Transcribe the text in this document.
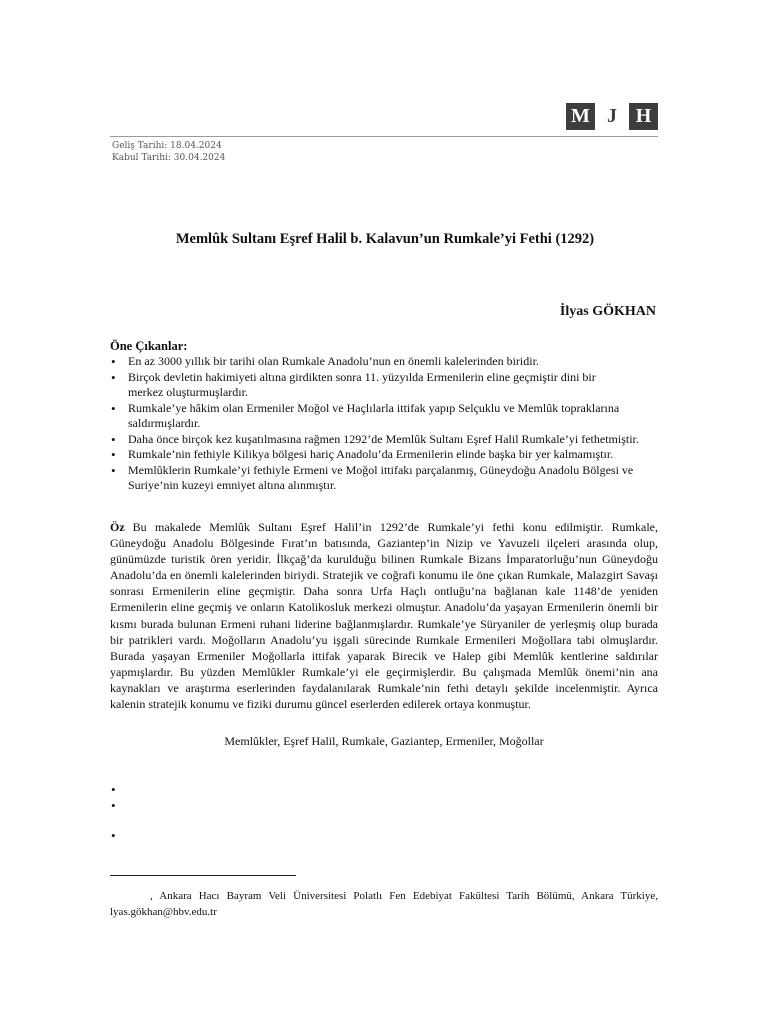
M J H
Geliş Tarihi: 18.04.2024
Kabul Tarihi: 30.04.2024
Memlûk Sultanı Eşref Halil b. Kalavun’un Rumkale’yi Fethi (1292)
İlyas GÖKHAN
Öne Çıkanlar:
• En az 3000 yıllık bir tarihi olan Rumkale Anadolu’nun en önemli kalelerinden biridir.
• Birçok devletin hakimiyeti altına girdikten sonra 11. yüzyılda Ermenilerin eline geçmiştir dini bir merkez oluşturmuşlardır.
• Rumkale’ye hâkim olan Ermeniler Moğol ve Haçlılarla ittifak yapıp Selçuklu ve Memlûk topraklarına saldırmışlardır.
• Daha önce birçok kez kuşatılmasına rağmen 1292’de Memlûk Sultanı Eşref Halil Rumkale’yi fethetmiştir.
• Rumkale’nin fethiyle Kilikya bölgesi hariç Anadolu’da Ermenilerin elinde başka bir yer kalmamıştır.
• Memlûklerin Rumkale’yi fethiyle Ermeni ve Moğol ittifakı parçalanmış, Güneydoğu Anadolu Bölgesi ve Suriye’nin kuzeyi emniyet altına alınmıştır.

Öz Bu makalede Memlûk Sultanı Eşref Halil’in 1292’de Rumkale’yi fethi konu edilmiştir. Rumkale, Güneydoğu Anadolu Bölgesinde Fırat’ın batısında, Gaziantep’in Nizip ve Yavuzeli ilçeleri arasında olup, günümüzde turistik ören yeridir. İlkçağ’da kurulduğu bilinen Rumkale Bizans İmparatorluğu’nun Güneydoğu Anadolu’da en önemli kalelerinden biriydi. Stratejik ve coğrafi konumu ile öne çıkan Rumkale, Malazgirt Savaşı sonrası Ermenilerin eline geçmiştir. Daha sonra Urfa Haçlı ontluğu’na bağlanan kale 1148’de yeniden Ermenilerin eline geçmiş ve onların Katolikosluk merkezi olmuştur. Anadolu’da yaşayan Ermenilerin önemli bir kısmı burada bulunan Ermeni ruhani liderine bağlanmışlardır. Rumkale’ye Süryaniler de yerleşmiş olup burada bir patrikleri vardı. Moğolların Anadolu’yu işgali sürecinde Rumkale Ermenileri Moğollara tabi olmuşlardır. Burada yaşayan Ermeniler Moğollarla ittifak yaparak Birecik ve Halep gibi Memlûk kentlerine saldırılar yapmışlardır. Bu yüzden Memlûkler Rumkale’yi ele geçirmişlerdir. Bu çalışmada Memlûk önemi’nin ana kaynakları ve araştırma eserlerinden faydalanılarak Rumkale’nin fethi detaylı şekilde incelenmiştir. Ayrıca kalenin stratejik konumu ve fiziki durumu güncel eserlerden edilerek ortaya konmuştur.

Memlûkler, Eşref Halil, Rumkale, Gaziantep, Ermeniler, Moğollar
•
•
•

, Ankara Hacı Bayram Veli Üniversitesi Polatlı Fen Edebiyat Fakültesi Tarih Bölümü, Ankara Türkiye, lyas.gökhan@hbv.edu.tr
